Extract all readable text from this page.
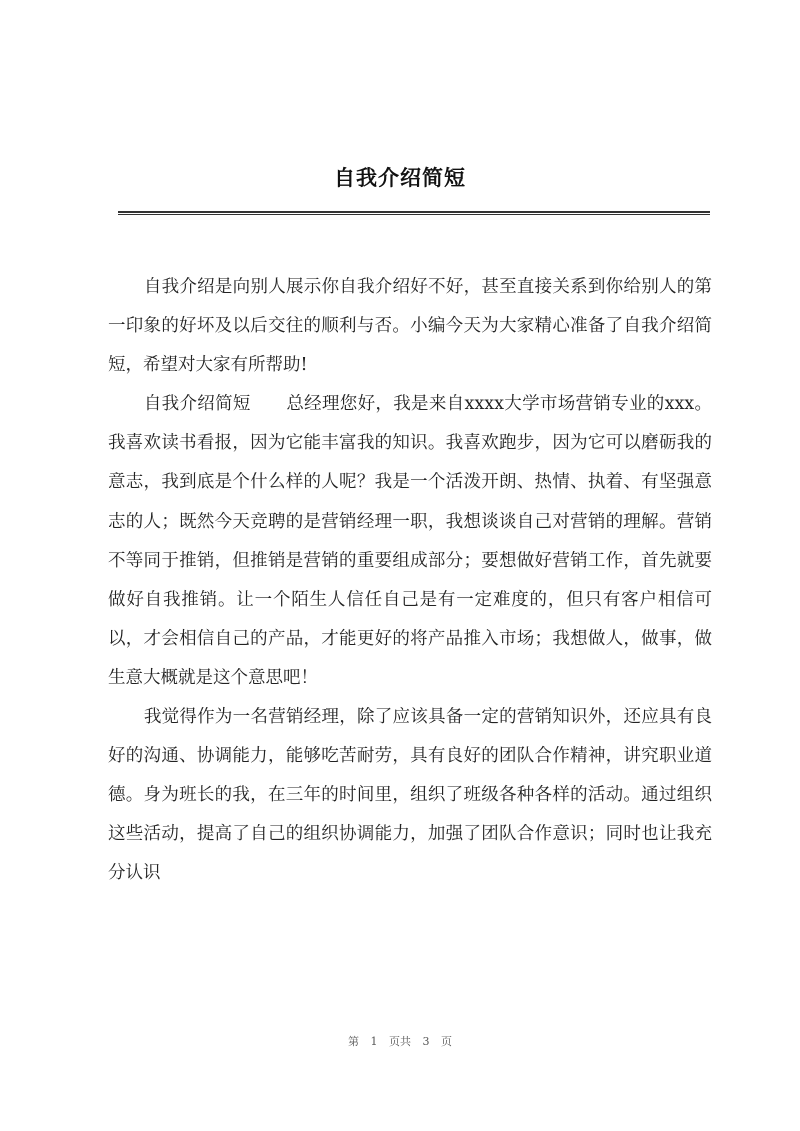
自我介绍简短

自我介绍是向别人展示你自我介绍好不好，甚至直接关系到你给别人的第一印象的好坏及以后交往的顺利与否。小编今天为大家精心准备了自我介绍简短，希望对大家有所帮助!

自我介绍简短　　总经理您好，我是来自xxxx大学市场营销专业的xxx。我喜欢读书看报，因为它能丰富我的知识。我喜欢跑步，因为它可以磨砺我的意志，我到底是个什么样的人呢？我是一个活泼开朗、热情、执着、有坚强意志的人；既然今天竞聘的是营销经理一职，我想谈谈自己对营销的理解。营销不等同于推销，但推销是营销的重要组成部分；要想做好营销工作，首先就要做好自我推销。让一个陌生人信任自己是有一定难度的，但只有客户相信可以，才会相信自己的产品，才能更好的将产品推入市场；我想做人，做事，做生意大概就是这个意思吧！

我觉得作为一名营销经理，除了应该具备一定的营销知识外，还应具有良好的沟通、协调能力，能够吃苦耐劳，具有良好的团队合作精神，讲究职业道德。身为班长的我，在三年的时间里，组织了班级各种各样的活动。通过组织这些活动，提高了自己的组织协调能力，加强了团队合作意识；同时也让我充分认识

第 1 页共 3 页
